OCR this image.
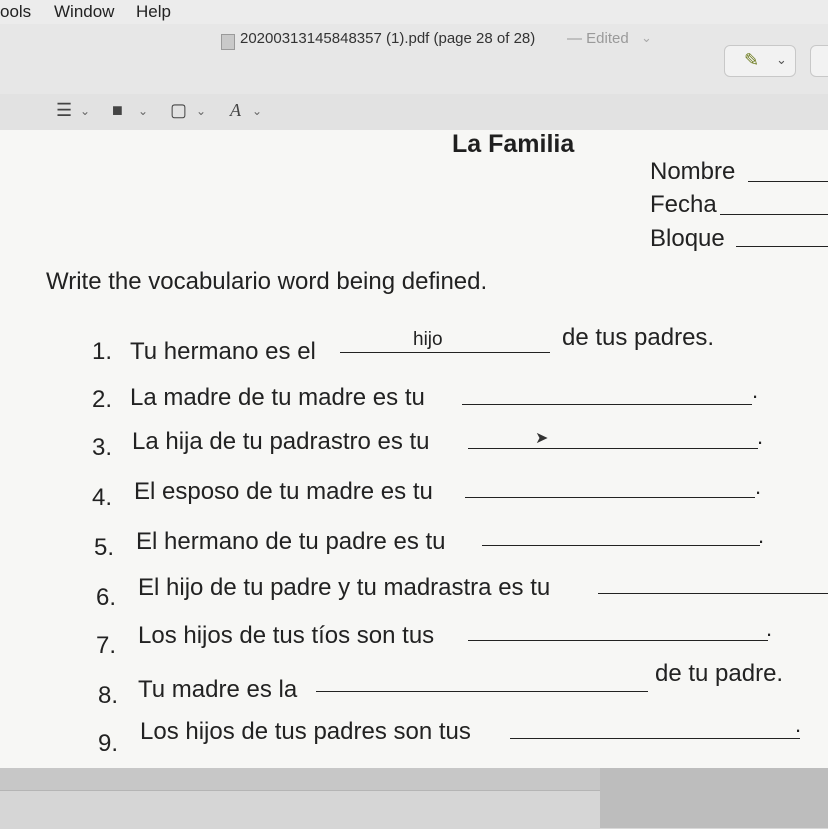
ools Window Help
20200313145848357 (1).pdf (page 28 of 28) — Edited ⌄
✎ ⌄
☰ ⌄ ■ ⌄ ▢ ⌄ A ⌄
La Familia
Nombre
Fecha
Bloque
Write the vocabulario word being defined.
1. Tu hermano es el	hijo	de tus padres.
2. La madre de tu madre es tu	.
3. La hija de tu padrastro es tu	.
➤
4. El esposo de tu madre es tu	.
5. El hermano de tu padre es tu	.
6. El hijo de tu padre y tu madrastra es tu
7. Los hijos de tus tíos son tus	.
8. Tu madre es la
de tu padre.
9. Los hijos de tus padres son tus	.
